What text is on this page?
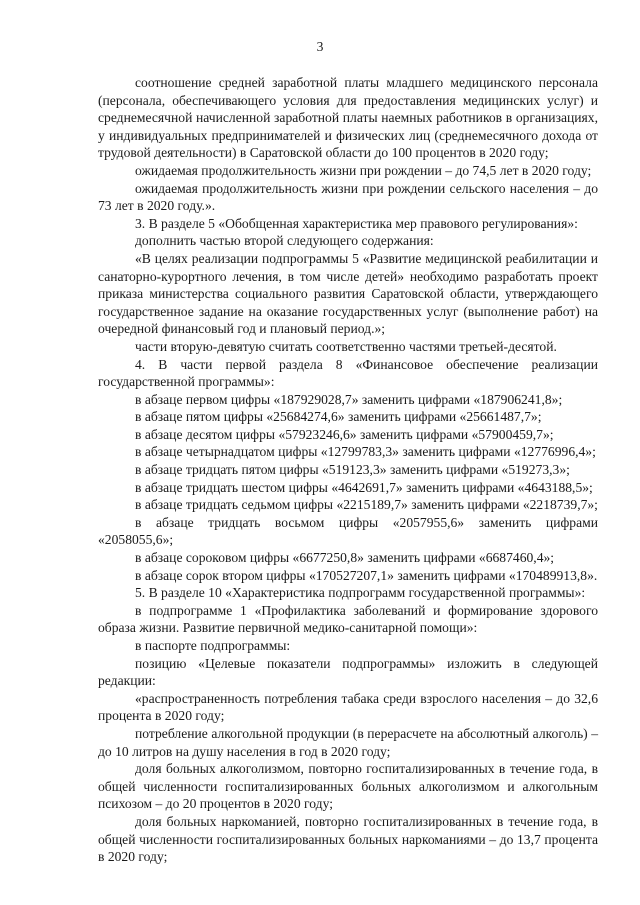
3

соотношение средней заработной платы младшего медицинского персонала (персонала, обеспечивающего условия для предоставления медицинских услуг) и среднемесячной начисленной заработной платы наемных работников в организациях, у индивидуальных предпринимателей и физических лиц (среднемесячного дохода от трудовой деятельности) в Саратовской области до 100 процентов в 2020 году;

ожидаемая продолжительность жизни при рождении – до 74,5 лет в 2020 году;

ожидаемая продолжительность жизни при рождении сельского населения – до 73 лет в 2020 году.».

3. В разделе 5 «Обобщенная характеристика мер правового регулирования»:

дополнить частью второй следующего содержания:

«В целях реализации подпрограммы 5 «Развитие медицинской реабилитации и санаторно-курортного лечения, в том числе детей» необходимо разработать проект приказа министерства социального развития Саратовской области, утверждающего государственное задание на оказание государственных услуг (выполнение работ) на очередной финансовый год и плановый период.»;

части вторую-девятую считать соответственно частями третьей-десятой.

4. В части первой раздела 8 «Финансовое обеспечение реализации государственной программы»:

в абзаце первом цифры «187929028,7» заменить цифрами «187906241,8»;

в абзаце пятом цифры «25684274,6» заменить цифрами «25661487,7»;

в абзаце десятом цифры «57923246,6» заменить цифрами «57900459,7»;

в абзаце четырнадцатом цифры «12799783,3» заменить цифрами «12776996,4»;

в абзаце тридцать пятом цифры «519123,3» заменить цифрами «519273,3»;

в абзаце тридцать шестом цифры «4642691,7» заменить цифрами «4643188,5»;

в абзаце тридцать седьмом цифры «2215189,7» заменить цифрами «2218739,7»;

в абзаце тридцать восьмом цифры «2057955,6» заменить цифрами «2058055,6»;

в абзаце сороковом цифры «6677250,8» заменить цифрами «6687460,4»;

в абзаце сорок втором цифры «170527207,1» заменить цифрами «170489913,8».

5. В разделе 10 «Характеристика подпрограмм государственной программы»:

в подпрограмме 1 «Профилактика заболеваний и формирование здорового образа жизни. Развитие первичной медико-санитарной помощи»:

в паспорте подпрограммы:

позицию «Целевые показатели подпрограммы» изложить в следующей редакции:

«распространенность потребления табака среди взрослого населения – до 32,6 процента в 2020 году;

потребление алкогольной продукции (в перерасчете на абсолютный алкоголь) – до 10 литров на душу населения в год в 2020 году;

доля больных алкоголизмом, повторно госпитализированных в течение года, в общей численности госпитализированных больных алкоголизмом и алкогольным психозом – до 20 процентов в 2020 году;

доля больных наркоманией, повторно госпитализированных в течение года, в общей численности госпитализированных больных наркоманиями – до 13,7 процента в 2020 году;
